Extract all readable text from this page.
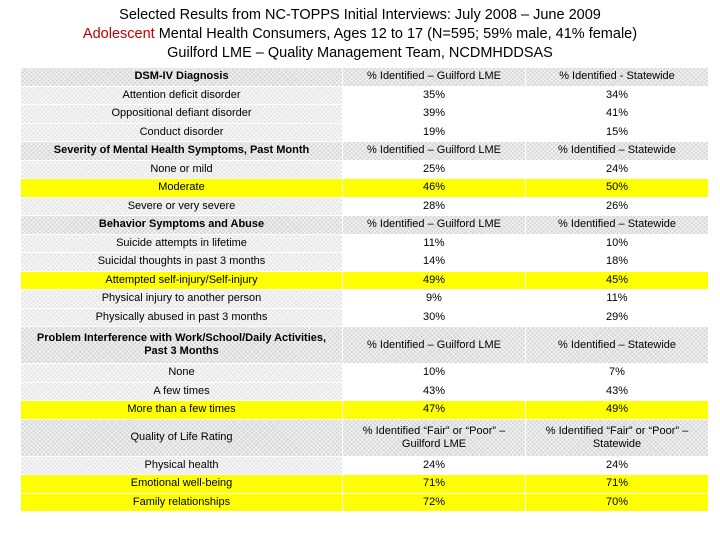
Selected Results from NC-TOPPS Initial Interviews: July 2008 – June 2009
Adolescent Mental Health Consumers, Ages 12 to 17 (N=595; 59% male, 41% female)
Guilford LME – Quality Management Team, NCDMHDDSAS
DSM-IV Diagnosis	% Identified – Guilford LME	% Identified - Statewide
Attention deficit disorder	35%	34%
Oppositional defiant disorder	39%	41%
Conduct disorder	19%	15%
Severity of Mental Health Symptoms, Past Month	% Identified – Guilford LME	% Identified – Statewide
None or mild	25%	24%
Moderate	46%	50%
Severe or very severe	28%	26%
Behavior Symptoms and Abuse	% Identified – Guilford LME	% Identified – Statewide
Suicide attempts in lifetime	11%	10%
Suicidal thoughts in past 3 months	14%	18%
Attempted self-injury/Self-injury	49%	45%
Physical injury to another person	9%	11%
Physically abused in past 3 months	30%	29%
Problem Interference with Work/School/Daily Activities, Past 3 Months	% Identified – Guilford LME	% Identified – Statewide
None	10%	7%
A few times	43%	43%
More than a few times	47%	49%
Quality of Life Rating	% Identified “Fair” or “Poor” – Guilford LME	% Identified “Fair” or “Poor” – Statewide
Physical health	24%	24%
Emotional well-being	71%	71%
Family relationships	72%	70%
